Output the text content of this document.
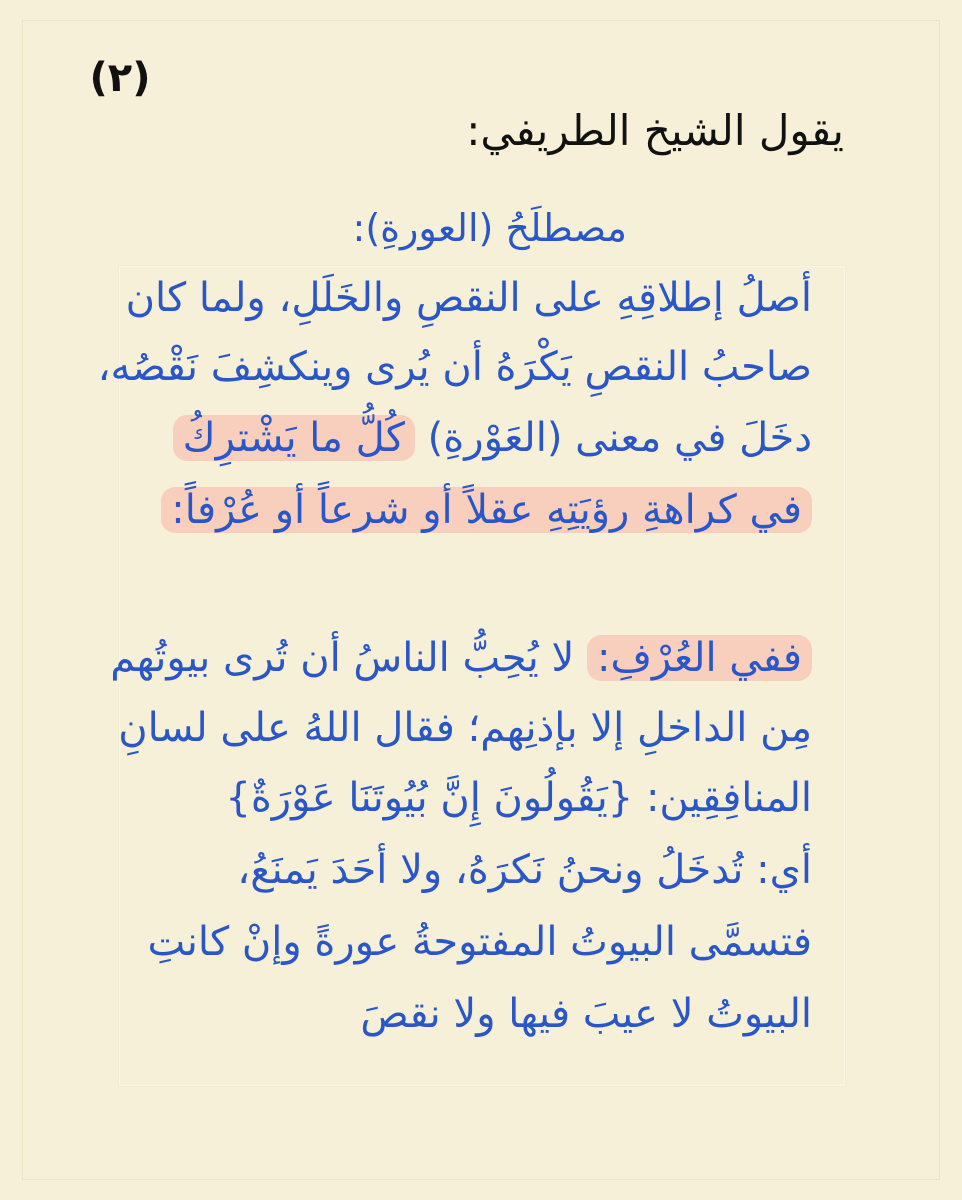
(٢)
يقول الشيخ الطريفي:
مصطلَحُ (العورةِ):
أصلُ إطلاقِهِ على النقصِ والخَلَلِ، ولما كان
صاحبُ النقصِ يَكْرَهُ أن يُرى وينكشِفَ نَقْصُه،
دخَلَ في معنى (العَوْرةِ) كُلُّ ما يَشْترِكُ
في كراهةِ رؤيَتِهِ عقلاً أو شرعاً أو عُرْفاً:
ففي العُرْفِ: لا يُحِبُّ الناسُ أن تُرى بيوتُهم
مِن الداخلِ إلا بإذنِهم؛ فقال اللهُ على لسانِ
المنافِقِين: {يَقُولُونَ إِنَّ بُيُوتَنَا عَوْرَةٌ}
أي: تُدخَلُ ونحنُ نَكرَهُ، ولا أحَدَ يَمنَعُ،
فتسمَّى البيوتُ المفتوحةُ عورةً وإنْ كانتِ
البيوتُ لا عيبَ فيها ولا نقصَ
